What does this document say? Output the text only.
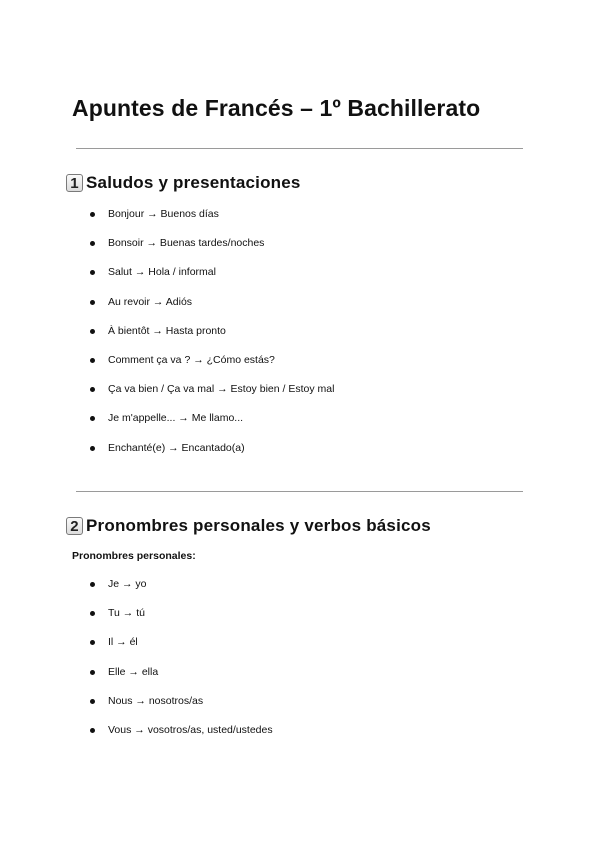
Apuntes de Francés – 1º Bachillerato
1 Saludos y presentaciones
Bonjour → Buenos días
Bonsoir → Buenas tardes/noches
Salut → Hola / informal
Au revoir → Adiós
À bientôt → Hasta pronto
Comment ça va ? → ¿Cómo estás?
Ça va bien / Ça va mal → Estoy bien / Estoy mal
Je m'appelle... → Me llamo...
Enchanté(e) → Encantado(a)
2 Pronombres personales y verbos básicos

Pronombres personales:

Je → yo
Tu → tú
Il → él
Elle → ella
Nous → nosotros/as
Vous → vosotros/as, usted/ustedes
